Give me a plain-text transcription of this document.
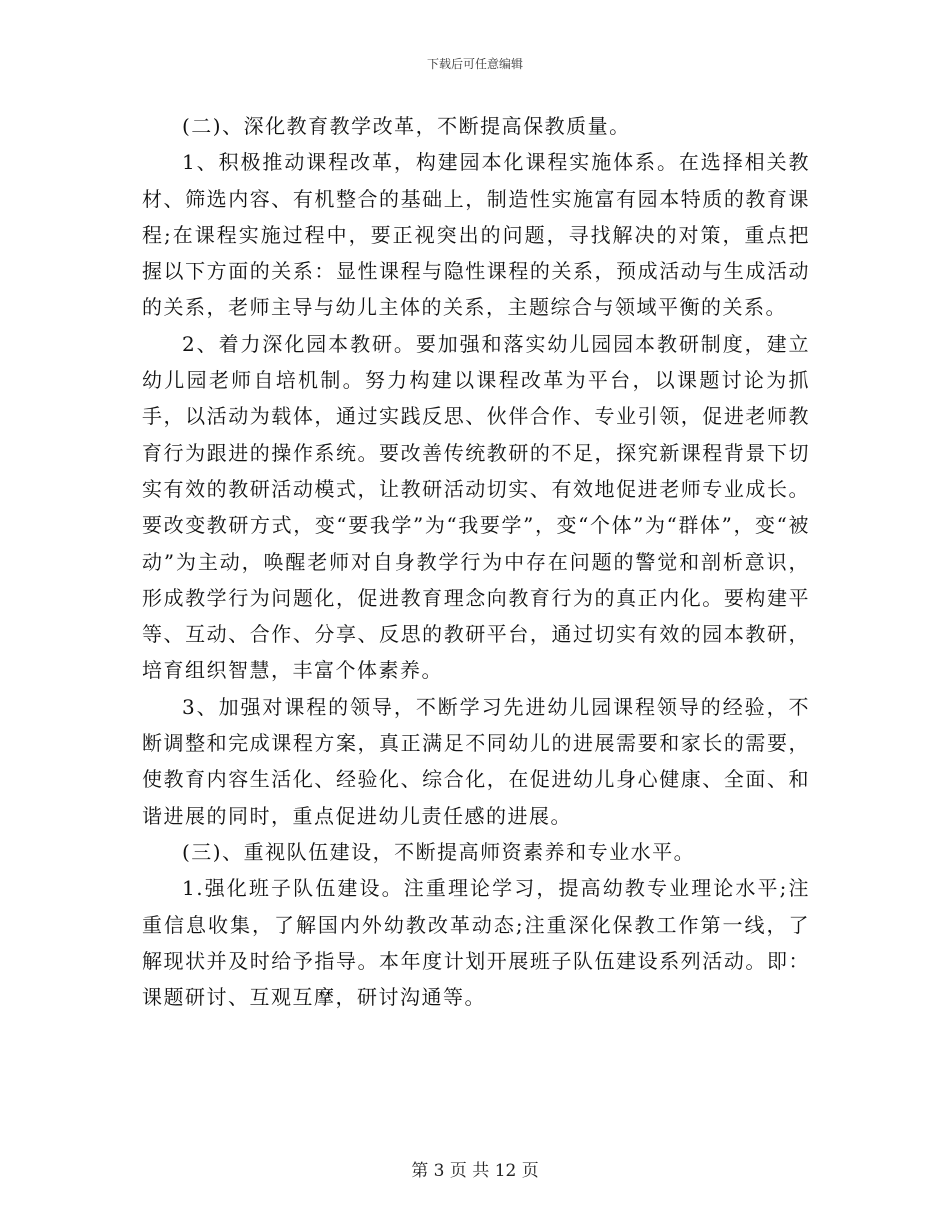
下载后可任意编辑

(二)、深化教育教学改革，不断提高保教质量。

1、积极推动课程改革，构建园本化课程实施体系。在选择相关教材、筛选内容、有机整合的基础上，制造性实施富有园本特质的教育课程;在课程实施过程中，要正视突出的问题，寻找解决的对策，重点把握以下方面的关系：显性课程与隐性课程的关系，预成活动与生成活动的关系，老师主导与幼儿主体的关系，主题综合与领域平衡的关系。

2、着力深化园本教研。要加强和落实幼儿园园本教研制度，建立幼儿园老师自培机制。努力构建以课程改革为平台，以课题讨论为抓手，以活动为载体，通过实践反思、伙伴合作、专业引领，促进老师教育行为跟进的操作系统。要改善传统教研的不足，探究新课程背景下切实有效的教研活动模式，让教研活动切实、有效地促进老师专业成长。要改变教研方式，变“要我学”为“我要学”，变“个体”为“群体”，变“被动”为主动，唤醒老师对自身教学行为中存在问题的警觉和剖析意识，形成教学行为问题化，促进教育理念向教育行为的真正内化。要构建平等、互动、合作、分享、反思的教研平台，通过切实有效的园本教研，培育组织智慧，丰富个体素养。

3、加强对课程的领导，不断学习先进幼儿园课程领导的经验，不断调整和完成课程方案，真正满足不同幼儿的进展需要和家长的需要，使教育内容生活化、经验化、综合化，在促进幼儿身心健康、全面、和谐进展的同时，重点促进幼儿责任感的进展。

(三)、重视队伍建设，不断提高师资素养和专业水平。

1.强化班子队伍建设。注重理论学习，提高幼教专业理论水平;注重信息收集，了解国内外幼教改革动态;注重深化保教工作第一线，了解现状并及时给予指导。本年度计划开展班子队伍建设系列活动。即：课题研讨、互观互摩，研讨沟通等。

第 3 页 共 12 页
